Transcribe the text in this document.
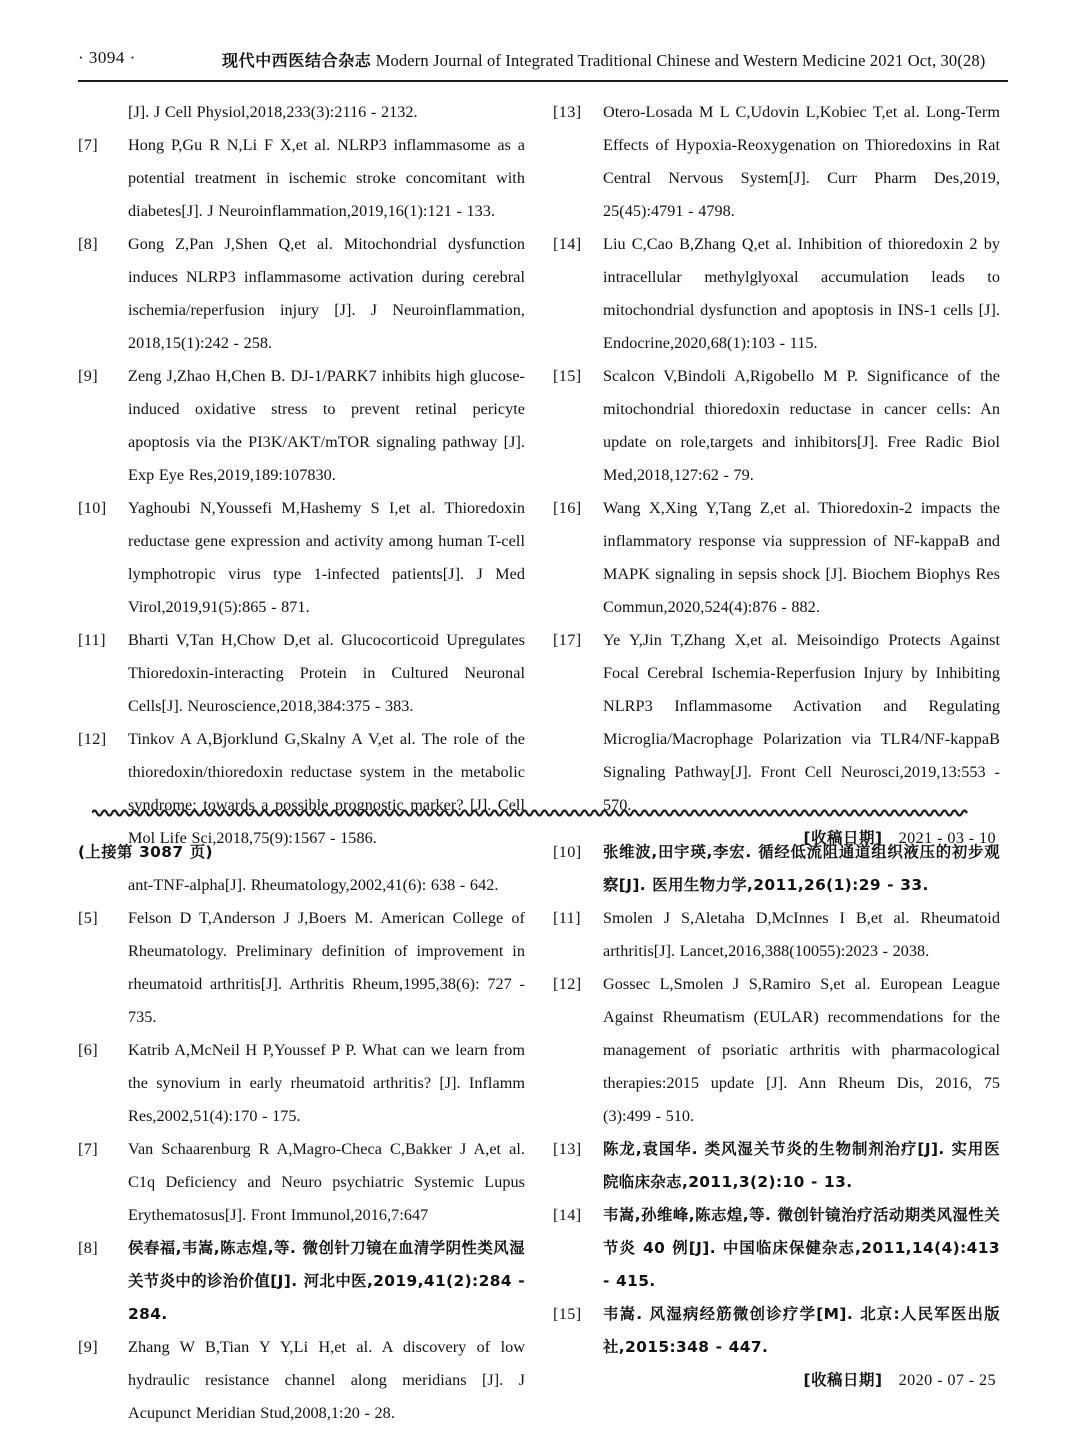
· 3094 ·	现代中西医结合杂志 Modern Journal of Integrated Traditional Chinese and Western Medicine 2021 Oct, 30(28)
[J]. J Cell Physiol,2018,233(3):2116 - 2132.
[7]	Hong P,Gu R N,Li F X,et al. NLRP3 inflammasome as a potential treatment in ischemic stroke concomitant with diabetes[J]. J Neuroinflammation,2019,16(1):121 - 133.
[8]	Gong Z,Pan J,Shen Q,et al. Mitochondrial dysfunction induces NLRP3 inflammasome activation during cerebral ischemia/reperfusion injury [J]. J Neuroinflammation, 2018,15(1):242 - 258.
[9]	Zeng J,Zhao H,Chen B. DJ-1/PARK7 inhibits high glucose-induced oxidative stress to prevent retinal pericyte apoptosis via the PI3K/AKT/mTOR signaling pathway [J]. Exp Eye Res,2019,189:107830.
[10]	Yaghoubi N,Youssefi M,Hashemy S I,et al. Thioredoxin reductase gene expression and activity among human T-cell lymphotropic virus type 1-infected patients[J]. J Med Virol,2019,91(5):865 - 871.
[11]	Bharti V,Tan H,Chow D,et al. Glucocorticoid Upregulates Thioredoxin-interacting Protein in Cultured Neuronal Cells[J]. Neuroscience,2018,384:375 - 383.
[12]	Tinkov A A,Bjorklund G,Skalny A V,et al. The role of the thioredoxin/thioredoxin reductase system in the metabolic syndrome: towards a possible prognostic marker? [J]. Cell Mol Life Sci,2018,75(9):1567 - 1586.
[13]	Otero-Losada M L C,Udovin L,Kobiec T,et al. Long-Term Effects of Hypoxia-Reoxygenation on Thioredoxins in Rat Central Nervous System[J]. Curr Pharm Des,2019, 25(45):4791 - 4798.
[14]	Liu C,Cao B,Zhang Q,et al. Inhibition of thioredoxin 2 by intracellular methylglyoxal accumulation leads to mitochondrial dysfunction and apoptosis in INS-1 cells [J]. Endocrine,2020,68(1):103 - 115.
[15]	Scalcon V,Bindoli A,Rigobello M P. Significance of the mitochondrial thioredoxin reductase in cancer cells: An update on role,targets and inhibitors[J]. Free Radic Biol Med,2018,127:62 - 79.
[16]	Wang X,Xing Y,Tang Z,et al. Thioredoxin-2 impacts the inflammatory response via suppression of NF-kappaB and MAPK signaling in sepsis shock [J]. Biochem Biophys Res Commun,2020,524(4):876 - 882.
[17]	Ye Y,Jin T,Zhang X,et al. Meisoindigo Protects Against Focal Cerebral Ischemia-Reperfusion Injury by Inhibiting NLRP3 Inflammasome Activation and Regulating Microglia/Macrophage Polarization via TLR4/NF-kappaB Signaling Pathway[J]. Front Cell Neurosci,2019,13:553 - 570.
[收稿日期] 2021 - 03 - 10
(上接第 3087 页)
ant-TNF-alpha[J]. Rheumatology,2002,41(6): 638 - 642.
[5]	Felson D T,Anderson J J,Boers M. American College of Rheumatology. Preliminary definition of improvement in rheumatoid arthritis[J]. Arthritis Rheum,1995,38(6): 727 - 735.
[6]	Katrib A,McNeil H P,Youssef P P. What can we learn from the synovium in early rheumatoid arthritis? [J]. Inflamm Res,2002,51(4):170 - 175.
[7]	Van Schaarenburg R A,Magro-Checa C,Bakker J A,et al. C1q Deficiency and Neuro psychiatric Systemic Lupus Erythematosus[J]. Front Immunol,2016,7:647
[8]	侯春福,韦嵩,陈志煌,等. 微创针刀镜在血清学阴性类风湿关节炎中的诊治价值[J]. 河北中医,2019,41(2):284 - 284.
[9]	Zhang W B,Tian Y Y,Li H,et al. A discovery of low hydraulic resistance channel along meridians [J]. J Acupunct Meridian Stud,2008,1:20 - 28.
[10]	张维波,田宇瑛,李宏. 循经低流阻通道组织液压的初步观察[J]. 医用生物力学,2011,26(1):29 - 33.
[11]	Smolen J S,Aletaha D,McInnes I B,et al. Rheumatoid arthritis[J]. Lancet,2016,388(10055):2023 - 2038.
[12]	Gossec L,Smolen J S,Ramiro S,et al. European League Against Rheumatism (EULAR) recommendations for the management of psoriatic arthritis with pharmacological therapies:2015 update [J]. Ann Rheum Dis, 2016, 75 (3):499 - 510.
[13]	陈龙,袁国华. 类风湿关节炎的生物制剂治疗[J]. 实用医院临床杂志,2011,3(2):10 - 13.
[14]	韦嵩,孙维峰,陈志煌,等. 微创针镜治疗活动期类风湿性关节炎 40 例[J]. 中国临床保健杂志,2011,14(4):413 - 415.
[15]	韦嵩. 风湿病经筋微创诊疗学[M]. 北京:人民军医出版社,2015:348 - 447.
[收稿日期] 2020 - 07 - 25
